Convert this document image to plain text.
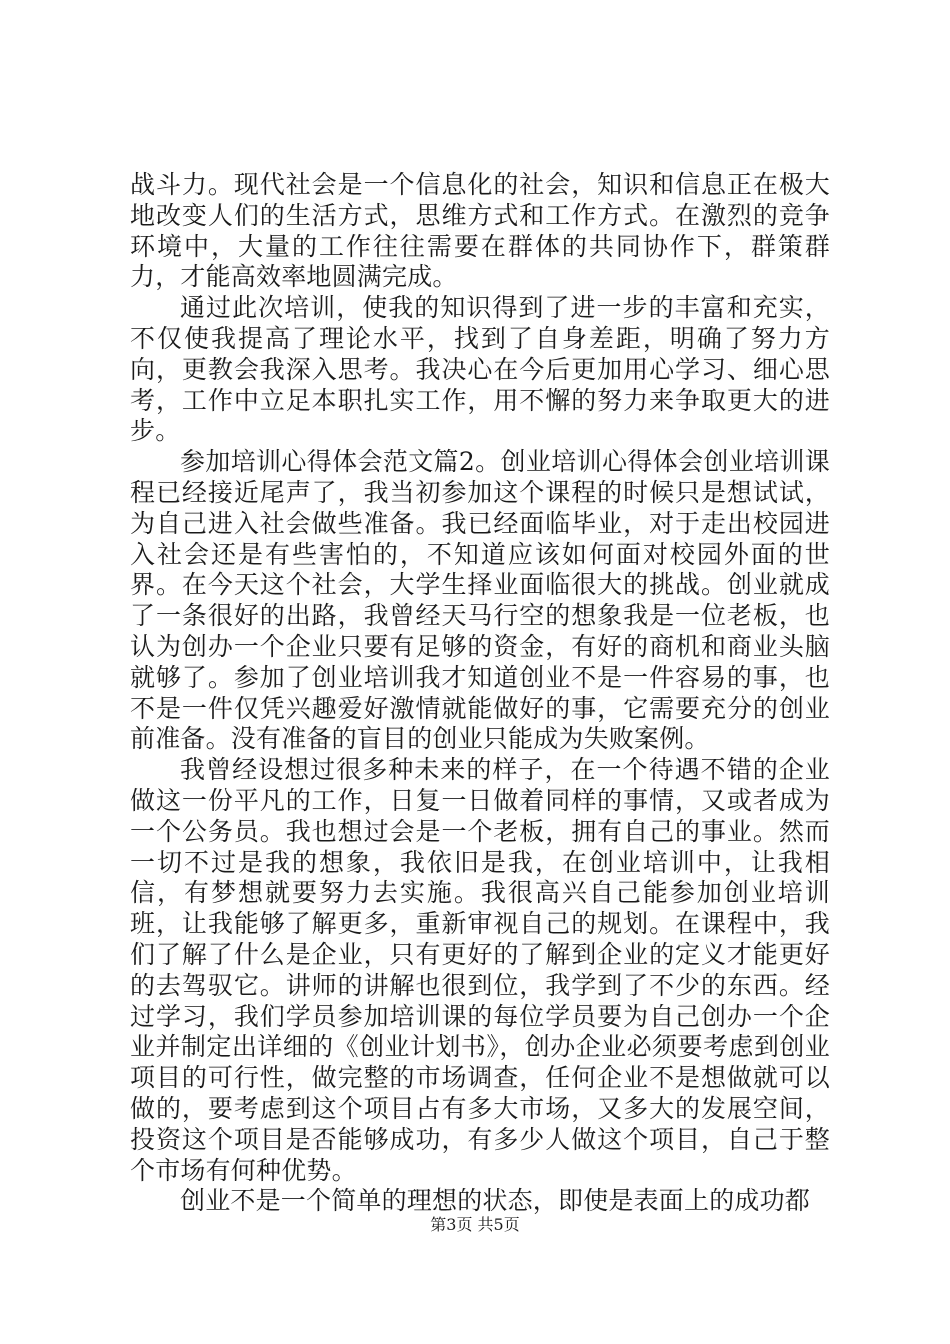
战斗力。现代社会是一个信息化的社会，知识和信息正在极大地改变人们的生活方式，思维方式和工作方式。在激烈的竞争环境中，大量的工作往往需要在群体的共同协作下，群策群力，才能高效率地圆满完成。

通过此次培训，使我的知识得到了进一步的丰富和充实，不仅使我提高了理论水平，找到了自身差距，明确了努力方向，更教会我深入思考。我决心在今后更加用心学习、细心思考，工作中立足本职扎实工作，用不懈的努力来争取更大的进步。

参加培训心得体会范文篇2。创业培训心得体会创业培训课程已经接近尾声了，我当初参加这个课程的时候只是想试试，为自己进入社会做些准备。我已经面临毕业，对于走出校园进入社会还是有些害怕的，不知道应该如何面对校园外面的世界。在今天这个社会，大学生择业面临很大的挑战。创业就成了一条很好的出路，我曾经天马行空的想象我是一位老板，也认为创办一个企业只要有足够的资金，有好的商机和商业头脑就够了。参加了创业培训我才知道创业不是一件容易的事，也不是一件仅凭兴趣爱好激情就能做好的事，它需要充分的创业前准备。没有准备的盲目的创业只能成为失败案例。

我曾经设想过很多种未来的样子，在一个待遇不错的企业做这一份平凡的工作，日复一日做着同样的事情，又或者成为一个公务员。我也想过会是一个老板，拥有自己的事业。然而一切不过是我的想象，我依旧是我，在创业培训中，让我相信，有梦想就要努力去实施。我很高兴自己能参加创业培训班，让我能够了解更多，重新审视自己的规划。在课程中，我们了解了什么是企业，只有更好的了解到企业的定义才能更好的去驾驭它。讲师的讲解也很到位，我学到了不少的东西。经过学习，我们学员参加培训课的每位学员要为自己创办一个企业并制定出详细的《创业计划书》，创办企业必须要考虑到创业项目的可行性，做完整的市场调查，任何企业不是想做就可以做的，要考虑到这个项目占有多大市场，又多大的发展空间，投资这个项目是否能够成功，有多少人做这个项目，自己于整个市场有何种优势。

创业不是一个简单的理想的状态，即使是表面上的成功都

第3页 共5页
